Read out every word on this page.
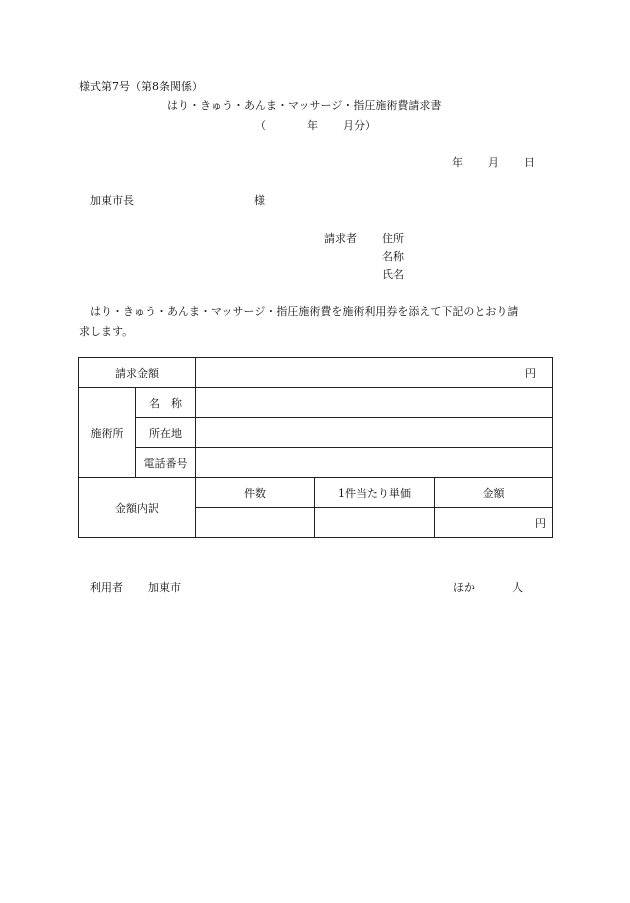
様式第7号（第8条関係）
はり・きゅう・あんま・マッサージ・指圧施術費請求書
（	年 月分）
年 月 日
加東市長	様
請求者 住所
名称
氏名
はり・きゅう・あんま・マッサージ・指圧施術費を施術利用券を添えて下記のとおり請
求します。
請求金額		円		
施術所	名　称			
	所在地			
	電話番号			
金額内訳		件数	1件当たり単価	金額
				円
利用者 加東市	ほか	人
